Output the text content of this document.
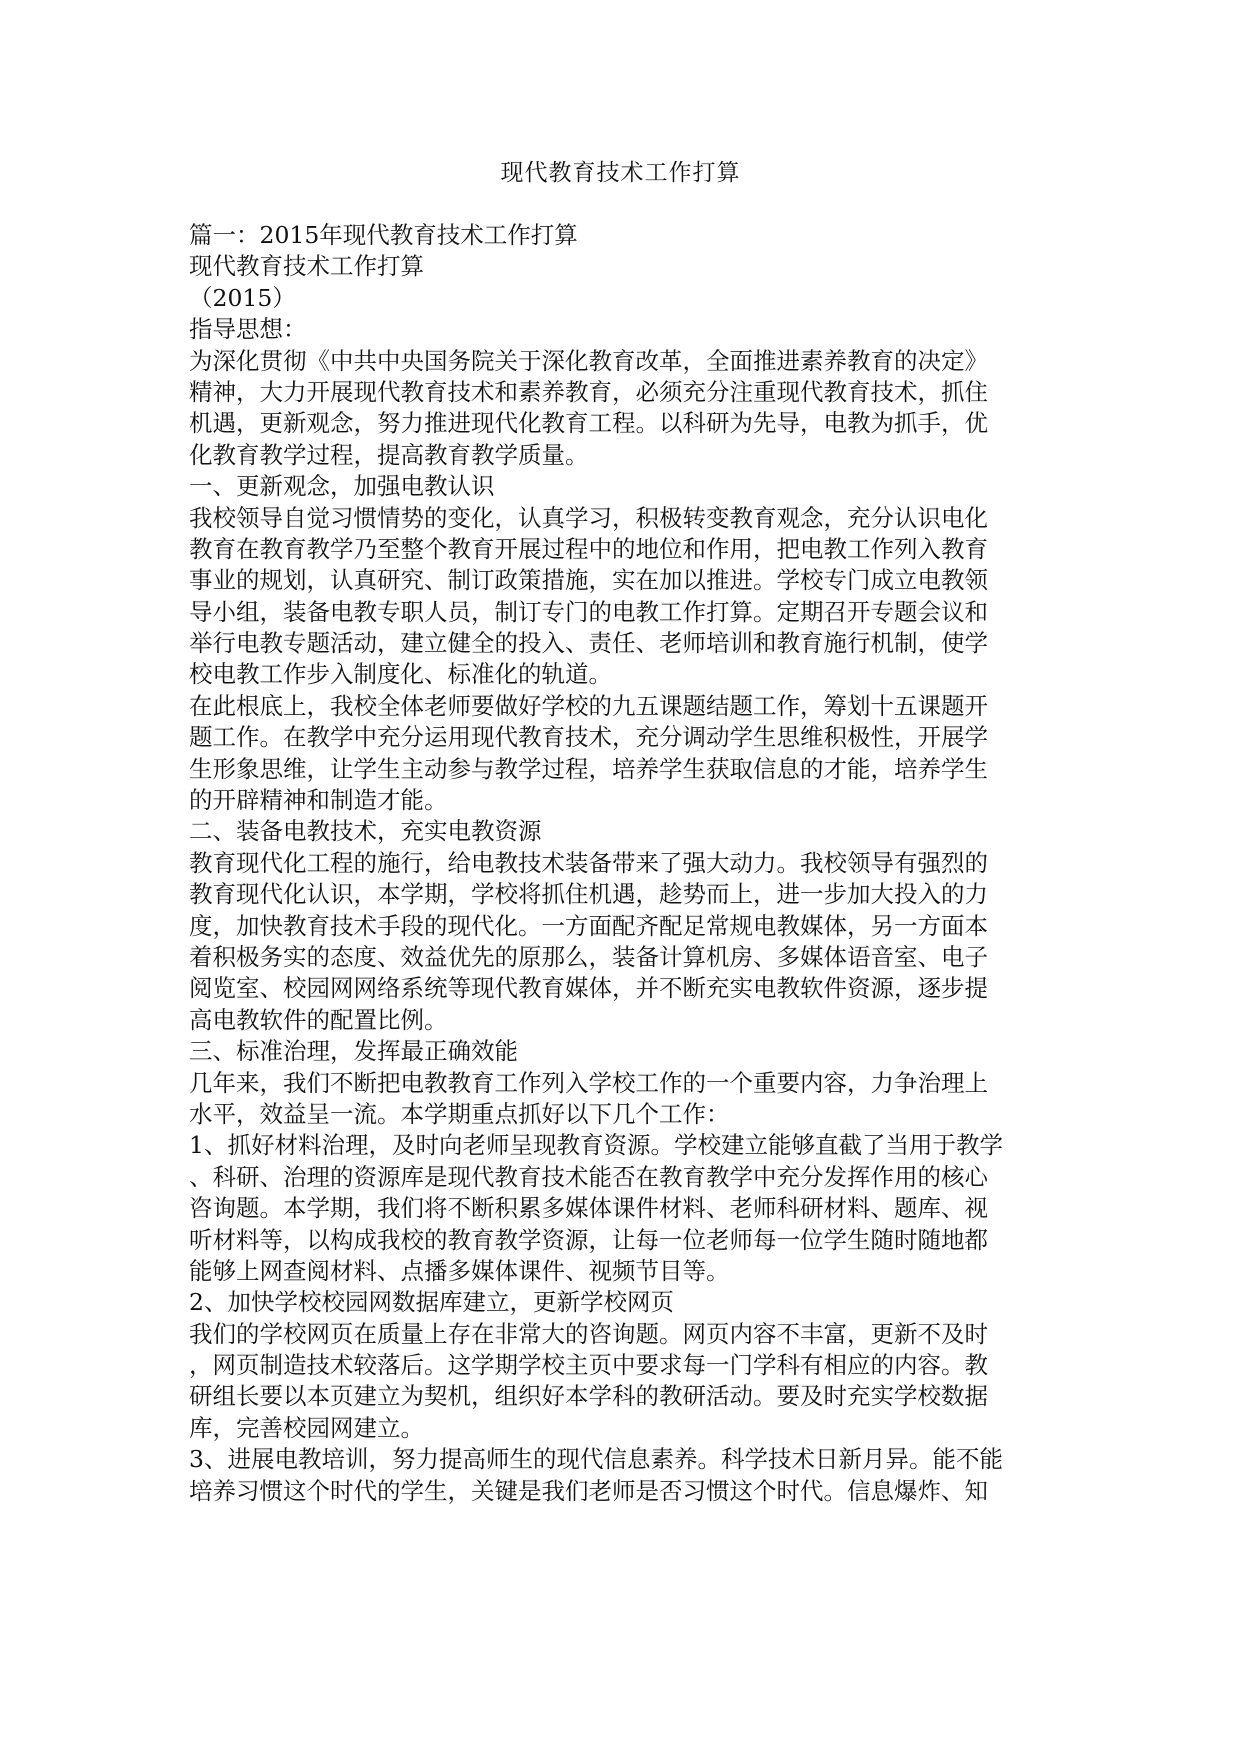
现代教育技术工作打算
篇一：2015年现代教育技术工作打算
现代教育技术工作打算
（2015）
指导思想：
为深化贯彻《中共中央国务院关于深化教育改革，全面推进素养教育的决定》
精神，大力开展现代教育技术和素养教育，必须充分注重现代教育技术，抓住
机遇，更新观念，努力推进现代化教育工程。以科研为先导，电教为抓手，优
化教育教学过程，提高教育教学质量。
一、更新观念，加强电教认识
我校领导自觉习惯情势的变化，认真学习，积极转变教育观念，充分认识电化
教育在教育教学乃至整个教育开展过程中的地位和作用，把电教工作列入教育
事业的规划，认真研究、制订政策措施，实在加以推进。学校专门成立电教领
导小组，装备电教专职人员，制订专门的电教工作打算。定期召开专题会议和
举行电教专题活动，建立健全的投入、责任、老师培训和教育施行机制，使学
校电教工作步入制度化、标准化的轨道。
在此根底上，我校全体老师要做好学校的九五课题结题工作，筹划十五课题开
题工作。在教学中充分运用现代教育技术，充分调动学生思维积极性，开展学
生形象思维，让学生主动参与教学过程，培养学生获取信息的才能，培养学生
的开辟精神和制造才能。
二、装备电教技术，充实电教资源
教育现代化工程的施行，给电教技术装备带来了强大动力。我校领导有强烈的
教育现代化认识，本学期，学校将抓住机遇，趁势而上，进一步加大投入的力
度，加快教育技术手段的现代化。一方面配齐配足常规电教媒体，另一方面本
着积极务实的态度、效益优先的原那么，装备计算机房、多媒体语音室、电子
阅览室、校园网网络系统等现代教育媒体，并不断充实电教软件资源，逐步提
高电教软件的配置比例。
三、标准治理，发挥最正确效能
几年来，我们不断把电教教育工作列入学校工作的一个重要内容，力争治理上
水平，效益呈一流。本学期重点抓好以下几个工作：
1、抓好材料治理，及时向老师呈现教育资源。学校建立能够直截了当用于教学
、科研、治理的资源库是现代教育技术能否在教育教学中充分发挥作用的核心
咨询题。本学期，我们将不断积累多媒体课件材料、老师科研材料、题库、视
听材料等，以构成我校的教育教学资源，让每一位老师每一位学生随时随地都
能够上网查阅材料、点播多媒体课件、视频节目等。
2、加快学校校园网数据库建立，更新学校网页
我们的学校网页在质量上存在非常大的咨询题。网页内容不丰富，更新不及时
，网页制造技术较落后。这学期学校主页中要求每一门学科有相应的内容。教
研组长要以本页建立为契机，组织好本学科的教研活动。要及时充实学校数据
库，完善校园网建立。
3、进展电教培训，努力提高师生的现代信息素养。科学技术日新月异。能不能
培养习惯这个时代的学生，关键是我们老师是否习惯这个时代。信息爆炸、知
